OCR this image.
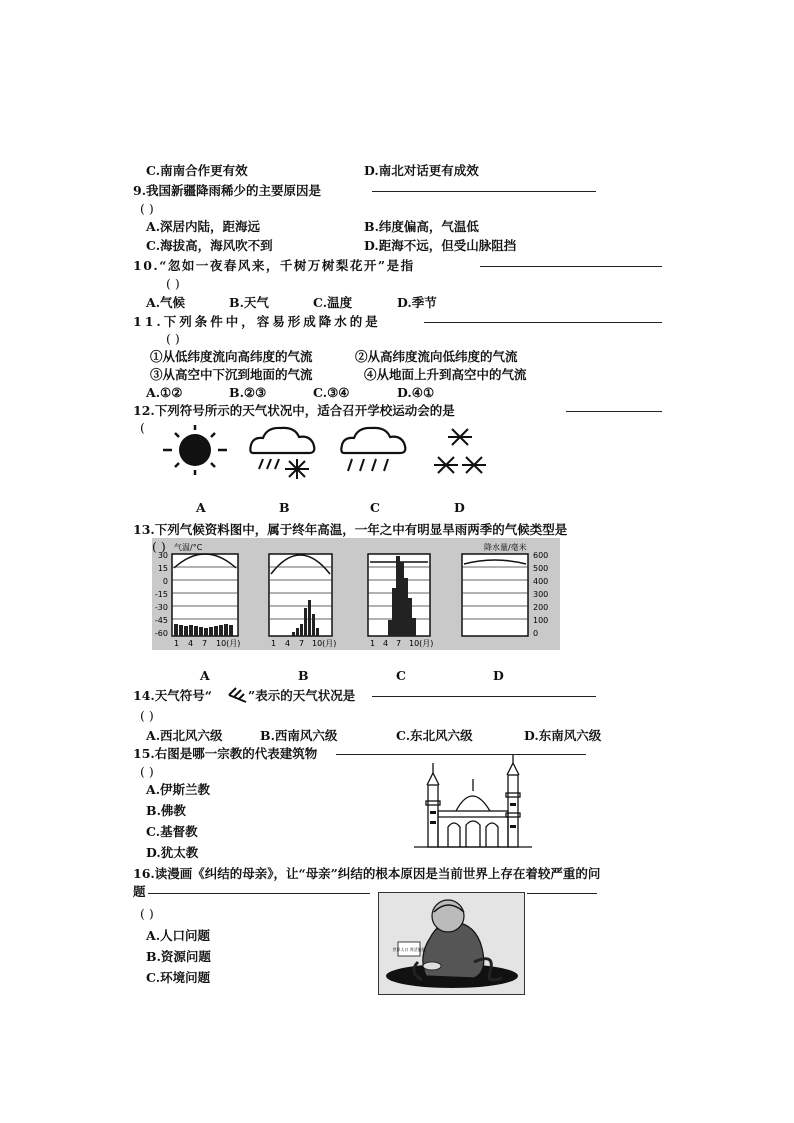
C.南南合作更有效	D.南北对话更有成效
9.我国新疆降雨稀少的主要原因是
( )
A.深居内陆，距海远	B.纬度偏高，气温低
C.海拔高，海风吹不到	D.距海不远，但受山脉阻挡
10.“忽如一夜春风来，千树万树梨花开”是指
( )
A.气候	B.天气	C.温度	D.季节
11.下列条件中，容易形成降水的是
( )
①从低纬度流向高纬度的气流	②从高纬度流向低纬度的气流
③从高空中下沉到地面的气流	④从地面上升到高空中的气流
A.①②	B.②③	C.③④	D.④①
12.下列符号所示的天气状况中，适合召开学校运动会的是
(
A	B	C	D
13.下列气候资料图中，属于终年高温，一年之中有明显旱雨两季的气候类型是
( ) 气温/°C	降水量/毫米
30
15
0
-15
-30
-45
-60
600
500
400
300
200
100
0
1 4 7 10(月)	1 4 7 10(月)	1 4 7 10(月)
A	B	C	D
14.天气符号“	”表示的天气状况是
( )
A.西北风六级	B.西南风六级	C.东北风六级	D.东南风六级
15.右图是哪一宗教的代表建筑物
( )
A.伊斯兰教
B.佛教
C.基督教
D.犹太教
16.读漫画《纠结的母亲》，让“母亲”纠结的根本原因是当前世界上存在着较严重的问
题
( )
A.人口问题
B.资源问题
C.环境问题
世界人口 养活他们
